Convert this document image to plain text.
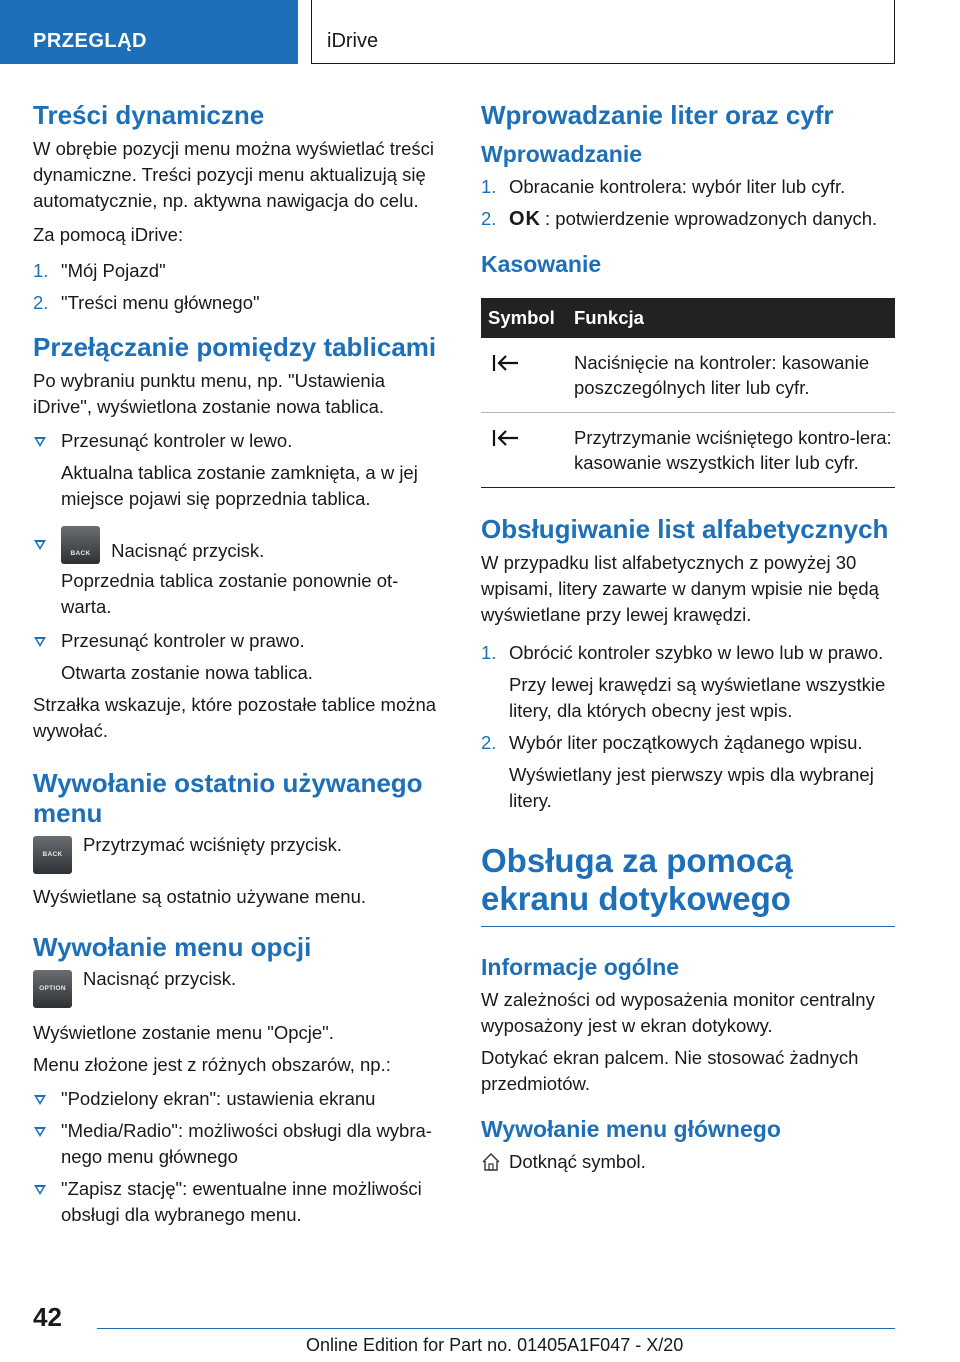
PRZEGLĄD	iDrive
Treści dynamiczne

W obrębie pozycji menu można wyświetlać treści dynamiczne. Treści pozycji menu aktualizują się automatycznie, np. aktywna nawigacja do celu.

Za pomocą iDrive:

1. "Mój Pojazd"
2. "Treści menu głównego"
Przełączanie pomiędzy tablicami

Po wybraniu punktu menu, np. "Ustawienia iDrive", wyświetlona zostanie nowa tablica.

Przesunąć kontroler w lewo.
Aktualna tablica zostanie zamknięta, a w jej miejsce pojawi się poprzednia tablica.
BACK	Nacisnąć przycisk.
Poprzednia tablica zostanie ponownie ot-warta.
Przesunąć kontroler w prawo.
Otwarta zostanie nowa tablica.

Strzałka wskazuje, które pozostałe tablice można wywołać.

Wywołanie ostatnio używanego menu
BACK	Przytrzymać wciśnięty przycisk.

Wyświetlane są ostatnio używane menu.

Wywołanie menu opcji
OPTION Nacisnąć przycisk.

Wyświetlone zostanie menu "Opcje".

Menu złożone jest z różnych obszarów, np.:

"Podzielony ekran": ustawienia ekranu
"Media/Radio": możliwości obsługi dla wybra-nego menu głównego
"Zapisz stację": ewentualne inne możliwości obsługi dla wybranego menu.
Wprowadzanie liter oraz cyfr
Wprowadzanie
1. Obracanie kontrolera: wybór liter lub cyfr.
2. OK : potwierdzenie wprowadzonych danych.
Kasowanie
Symbol	Funkcja
	Naciśnięcie na kontroler: kasowanie poszczególnych liter lub cyfr.
	Przytrzymanie wciśniętego kontro-lera: kasowanie wszystkich liter lub cyfr.
Obsługiwanie list alfabetycznych

W przypadku list alfabetycznych z powyżej 30 wpisami, litery zawarte w danym wpisie nie będą wyświetlane przy lewej krawędzi.

1. Obrócić kontroler szybko w lewo lub w prawo.
Przy lewej krawędzi są wyświetlane wszystkie litery, dla których obecny jest wpis.
2. Wybór liter początkowych żądanego wpisu.
Wyświetlany jest pierwszy wpis dla wybranej litery.
Obsługa za pomocą ekranu dotykowego
Informacje ogólne

W zależności od wyposażenia monitor centralny wyposażony jest w ekran dotykowy.

Dotykać ekran palcem. Nie stosować żadnych przedmiotów.

Wywołanie menu głównego
Dotknąć symbol.
42
Online Edition for Part no. 01405A1F047 - X/20
